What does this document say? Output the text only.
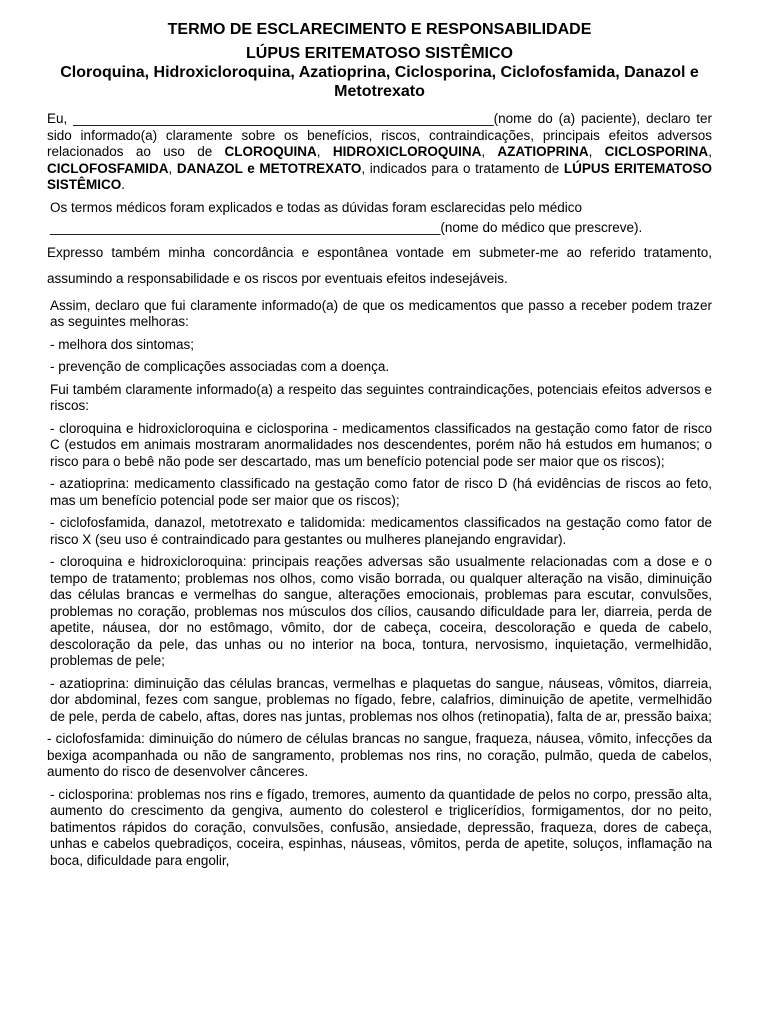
TERMO DE ESCLARECIMENTO E RESPONSABILIDADE
LÚPUS ERITEMATOSO SISTÊMICO
Cloroquina, Hidroxicloroquina, Azatioprina, Ciclosporina, Ciclofosfamida, Danazol e Metotrexato

Eu, ________________________________________________________(nome do (a) paciente), declaro ter sido informado(a) claramente sobre os benefícios, riscos, contraindicações, principais efeitos adversos relacionados ao uso de CLOROQUINA, HIDROXICLOROQUINA, AZATIOPRINA, CICLOSPORINA, CICLOFOSFAMIDA, DANAZOL e METOTREXATO, indicados para o tratamento de LÚPUS ERITEMATOSO SISTÊMICO.

Os termos médicos foram explicados e todas as dúvidas foram esclarecidas pelo médico
____________________________________________________(nome do médico que prescreve).

Expresso também minha concordância e espontânea vontade em submeter-me ao referido tratamento, assumindo a responsabilidade e os riscos por eventuais efeitos indesejáveis.

Assim, declaro que fui claramente informado(a) de que os medicamentos que passo a receber podem trazer as seguintes melhoras:

- melhora dos sintomas;

- prevenção de complicações associadas com a doença.

Fui também claramente informado(a) a respeito das seguintes contraindicações, potenciais efeitos adversos e riscos:

- cloroquina e hidroxicloroquina e ciclosporina - medicamentos classificados na gestação como fator de risco C (estudos em animais mostraram anormalidades nos descendentes, porém não há estudos em humanos; o risco para o bebê não pode ser descartado, mas um benefício potencial pode ser maior que os riscos);

- azatioprina: medicamento classificado na gestação como fator de risco D (há evidências de riscos ao feto, mas um benefício potencial pode ser maior que os riscos);

- ciclofosfamida, danazol, metotrexato e talidomida: medicamentos classificados na gestação como fator de risco X (seu uso é contraindicado para gestantes ou mulheres planejando engravidar).

- cloroquina e hidroxicloroquina: principais reações adversas são usualmente relacionadas com a dose e o tempo de tratamento; problemas nos olhos, como visão borrada, ou qualquer alteração na visão, diminuição das células brancas e vermelhas do sangue, alterações emocionais, problemas para escutar, convulsões, problemas no coração, problemas nos músculos dos cílios, causando dificuldade para ler, diarreia, perda de apetite, náusea, dor no estômago, vômito, dor de cabeça, coceira, descoloração e queda de cabelo, descoloração da pele, das unhas ou no interior na boca, tontura, nervosismo, inquietação, vermelhidão, problemas de pele;

- azatioprina: diminuição das células brancas, vermelhas e plaquetas do sangue, náuseas, vômitos, diarreia, dor abdominal, fezes com sangue, problemas no fígado, febre, calafrios, diminuição de apetite, vermelhidão de pele, perda de cabelo, aftas, dores nas juntas, problemas nos olhos (retinopatia), falta de ar, pressão baixa;

- ciclofosfamida: diminuição do número de células brancas no sangue, fraqueza, náusea, vômito, infecções da bexiga acompanhada ou não de sangramento, problemas nos rins, no coração, pulmão, queda de cabelos, aumento do risco de desenvolver cânceres.

- ciclosporina: problemas nos rins e fígado, tremores, aumento da quantidade de pelos no corpo, pressão alta, aumento do crescimento da gengiva, aumento do colesterol e triglicerídios, formigamentos, dor no peito, batimentos rápidos do coração, convulsões, confusão, ansiedade, depressão, fraqueza, dores de cabeça, unhas e cabelos quebradiços, coceira, espinhas, náuseas, vômitos, perda de apetite, soluços, inflamação na boca, dificuldade para engolir,
